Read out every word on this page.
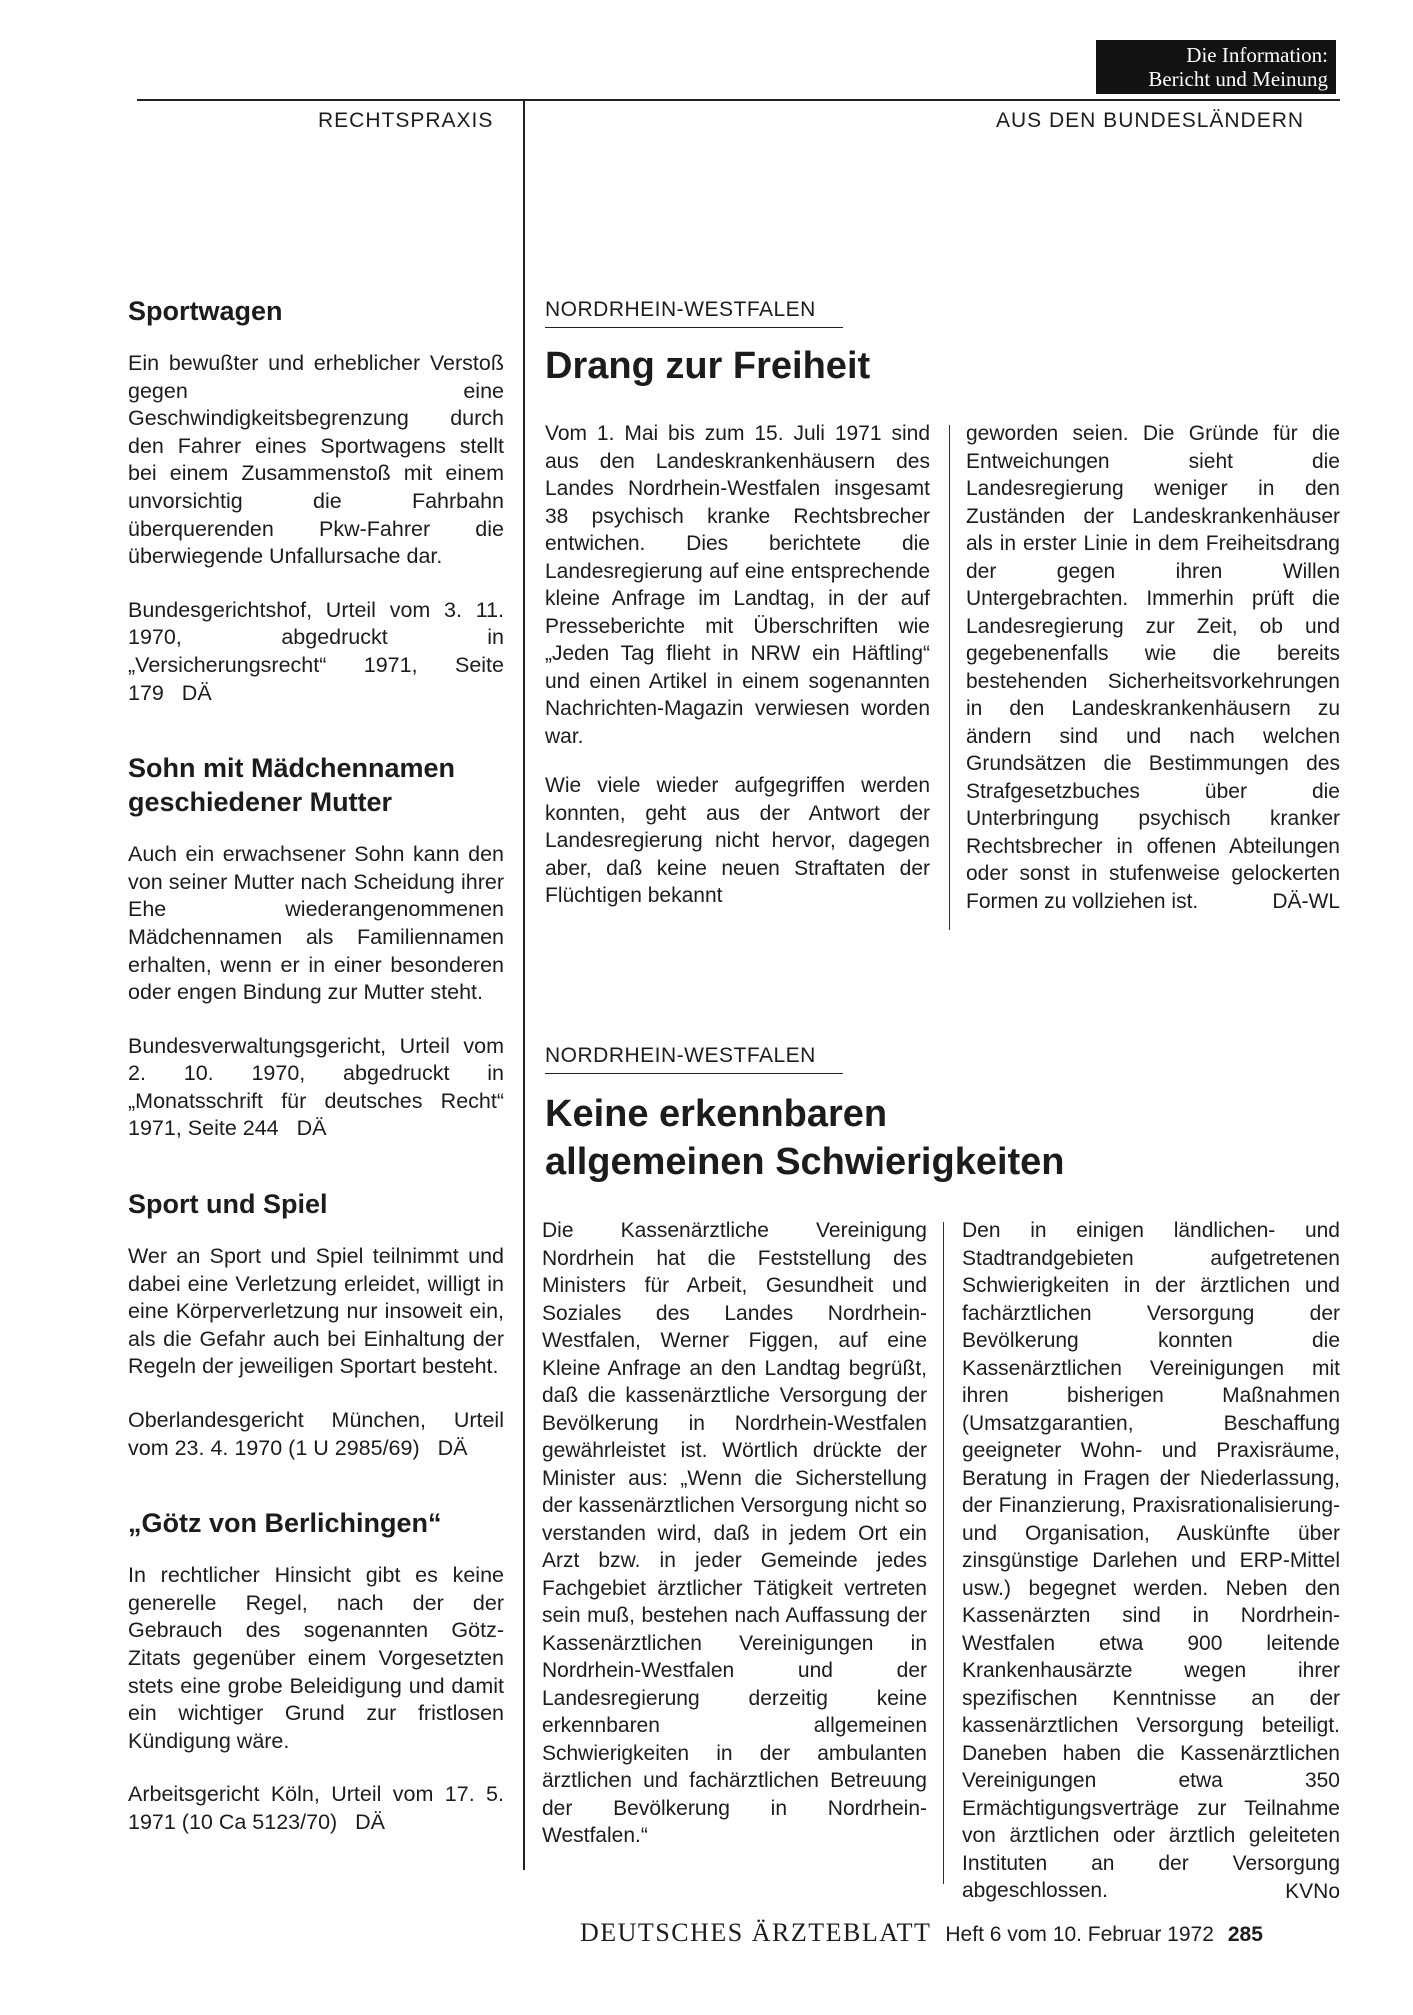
Die Information:
Bericht und Meinung
RECHTSPRAXIS	AUS DEN BUNDESLÄNDERN
Sportwagen

Ein bewußter und erheblicher Verstoß gegen eine Geschwindigkeitsbegrenzung durch den Fahrer eines Sportwagens stellt bei einem Zusammenstoß mit einem unvorsichtig die Fahrbahn überquerenden Pkw-Fahrer die überwiegende Unfallursache dar.

Bundesgerichtshof, Urteil vom 3. 11. 1970, abgedruckt in „Versicherungsrecht“ 1971, Seite 179 DÄ

Sohn mit Mädchennamen geschiedener Mutter

Auch ein erwachsener Sohn kann den von seiner Mutter nach Scheidung ihrer Ehe wiederangenommenen Mädchennamen als Familiennamen erhalten, wenn er in einer besonderen oder engen Bindung zur Mutter steht.

Bundesverwaltungsgericht, Urteil vom 2. 10. 1970, abgedruckt in „Monatsschrift für deutsches Recht“ 1971, Seite 244 DÄ

Sport und Spiel

Wer an Sport und Spiel teilnimmt und dabei eine Verletzung erleidet, willigt in eine Körperverletzung nur insoweit ein, als die Gefahr auch bei Einhaltung der Regeln der jeweiligen Sportart besteht.

Oberlandesgericht München, Urteil vom 23. 4. 1970 (1 U 2985/69) DÄ

„Götz von Berlichingen“

In rechtlicher Hinsicht gibt es keine generelle Regel, nach der der Gebrauch des sogenannten Götz-Zitats gegenüber einem Vorgesetzten stets eine grobe Beleidigung und damit ein wichtiger Grund zur fristlosen Kündigung wäre.

Arbeitsgericht Köln, Urteil vom 17. 5. 1971 (10 Ca 5123/70) DÄ

NORDRHEIN-WESTFALEN
Drang zur Freiheit

Vom 1. Mai bis zum 15. Juli 1971 sind aus den Landeskrankenhäusern des Landes Nordrhein-Westfalen insgesamt 38 psychisch kranke Rechtsbrecher entwichen. Dies berichtete die Landesregierung auf eine entsprechende kleine Anfrage im Landtag, in der auf Presseberichte mit Überschriften wie „Jeden Tag flieht in NRW ein Häftling“ und einen Artikel in einem sogenannten Nachrichten-Magazin verwiesen worden war.

Wie viele wieder aufgegriffen werden konnten, geht aus der Antwort der Landesregierung nicht hervor, dagegen aber, daß keine neuen Straftaten der Flüchtigen bekannt

geworden seien. Die Gründe für die Entweichungen sieht die Landesregierung weniger in den Zuständen der Landeskrankenhäuser als in erster Linie in dem Freiheitsdrang der gegen ihren Willen Untergebrachten. Immerhin prüft die Landesregierung zur Zeit, ob und gegebenenfalls wie die bereits bestehenden Sicherheitsvorkehrungen in den Landeskrankenhäusern zu ändern sind und nach welchen Grundsätzen die Bestimmungen des Strafgesetzbuches über die Unterbringung psychisch kranker Rechtsbrecher in offenen Abteilungen oder sonst in stufenweise gelockerten Formen zu vollziehen ist.	DÄ-WL
NORDRHEIN-WESTFALEN
Keine erkennbaren
allgemeinen Schwierigkeiten

Die Kassenärztliche Vereinigung Nordrhein hat die Feststellung des Ministers für Arbeit, Gesundheit und Soziales des Landes Nordrhein-Westfalen, Werner Figgen, auf eine Kleine Anfrage an den Landtag begrüßt, daß die kassenärztliche Versorgung der Bevölkerung in Nordrhein-Westfalen gewährleistet ist. Wörtlich drückte der Minister aus: „Wenn die Sicherstellung der kassenärztlichen Versorgung nicht so verstanden wird, daß in jedem Ort ein Arzt bzw. in jeder Gemeinde jedes Fachgebiet ärztlicher Tätigkeit vertreten sein muß, bestehen nach Auffassung der Kassenärztlichen Vereinigungen in Nordrhein-Westfalen und der Landesregierung derzeitig keine erkennbaren allgemeinen Schwierigkeiten in der ambulanten ärztlichen und fachärztlichen Betreuung der Bevölkerung in Nordrhein-Westfalen.“

Den in einigen ländlichen- und Stadtrandgebieten aufgetretenen Schwierigkeiten in der ärztlichen und fachärztlichen Versorgung der Bevölkerung konnten die Kassenärztlichen Vereinigungen mit ihren bisherigen Maßnahmen (Umsatzgarantien, Beschaffung geeigneter Wohn- und Praxisräume, Beratung in Fragen der Niederlassung, der Finanzierung, Praxisrationalisierung- und Organisation, Auskünfte über zinsgünstige Darlehen und ERP-Mittel usw.) begegnet werden. Neben den Kassenärzten sind in Nordrhein-Westfalen etwa 900 leitende Krankenhausärzte wegen ihrer spezifischen Kenntnisse an der kassenärztlichen Versorgung beteiligt. Daneben haben die Kassenärztlichen Vereinigungen etwa 350 Ermächtigungsverträge zur Teilnahme von ärztlichen oder ärztlich geleiteten Instituten an der Versorgung abgeschlossen.	KVNo
DEUTSCHES ÄRZTEBLATT Heft 6 vom 10. Februar 1972 285
